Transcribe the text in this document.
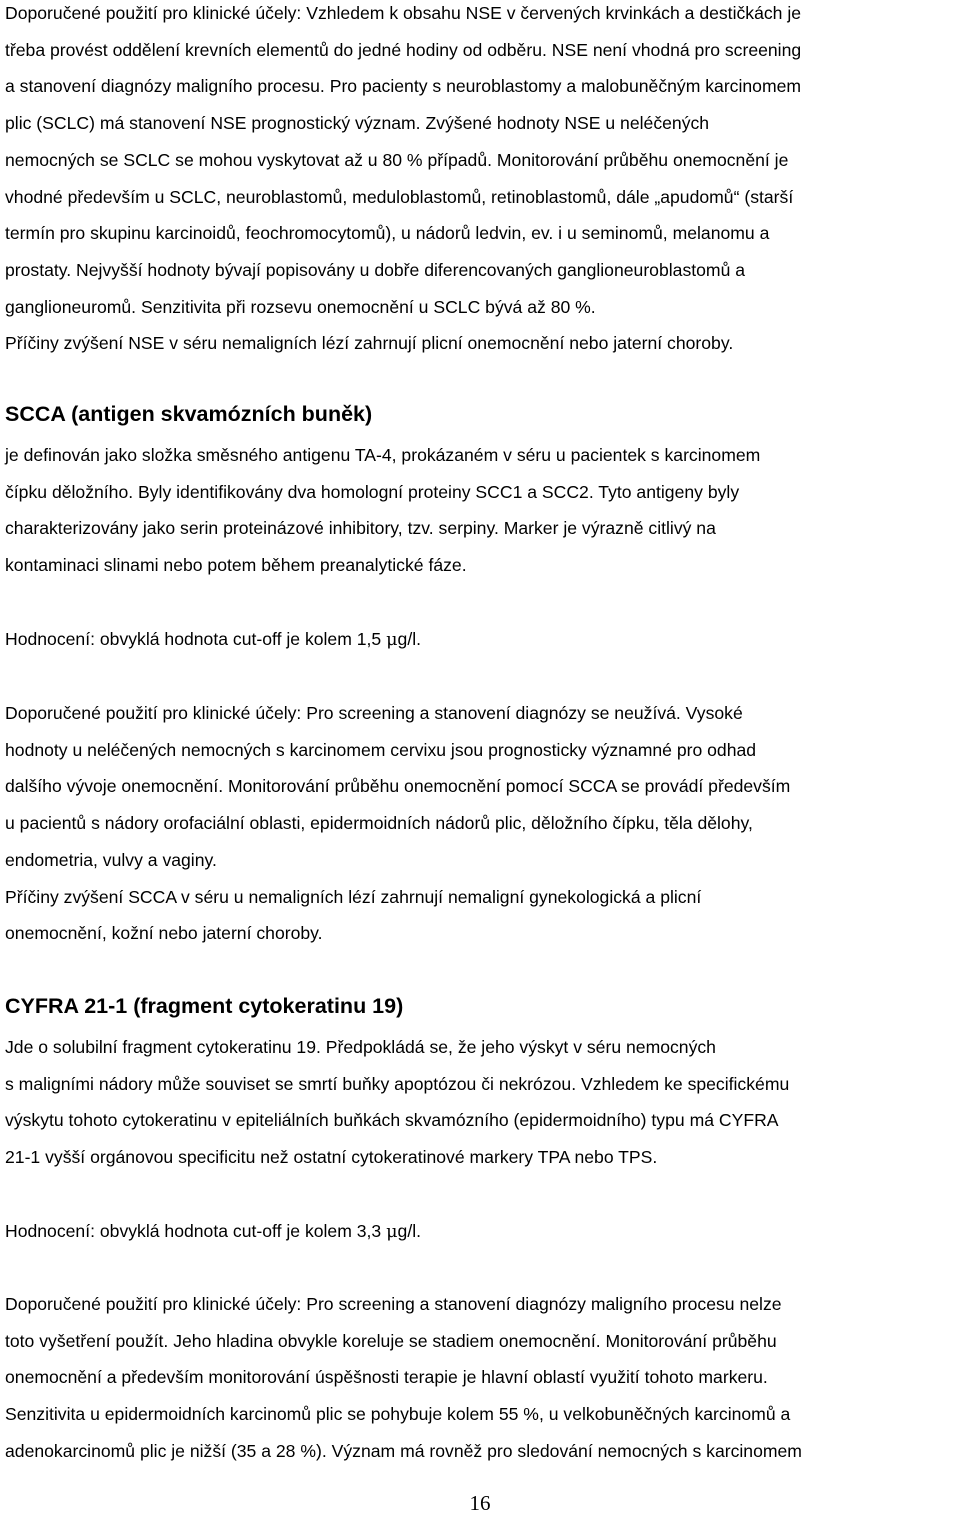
Doporučené použití pro klinické účely: Vzhledem k obsahu NSE v červených krvinkách a destičkách je
třeba provést oddělení krevních elementů do jedné hodiny od odběru. NSE není vhodná pro screening
a stanovení diagnózy maligního procesu. Pro pacienty s neuroblastomy a malobuněčným karcinomem
plic (SCLC) má stanovení NSE prognostický význam. Zvýšené hodnoty NSE u neléčených
nemocných se SCLC se mohou vyskytovat až u 80 % případů. Monitorování průběhu onemocnění je
vhodné především u SCLC, neuroblastomů, meduloblastomů, retinoblastomů, dále „apudomů“ (starší
termín pro skupinu karcinoidů, feochromocytomů), u nádorů ledvin, ev. i u seminomů, melanomu a
prostaty. Nejvyšší hodnoty bývají popisovány u dobře diferencovaných ganglioneuroblastomů a
ganglioneuromů. Senzitivita při rozsevu onemocnění u SCLC bývá až 80 %.
Příčiny zvýšení NSE v séru nemaligních lézí zahrnují plicní onemocnění nebo jaterní choroby.

SCCA (antigen skvamózních buněk)

je definován jako složka směsného antigenu TA-4, prokázaném v séru u pacientek s karcinomem
čípku děložního. Byly identifikovány dva homologní proteiny SCC1 a SCC2. Tyto antigeny byly
charakterizovány jako serin proteinázové inhibitory, tzv. serpiny. Marker je výrazně citlivý na
kontaminaci slinami nebo potem během preanalytické fáze.

Hodnocení: obvyklá hodnota cut-off je kolem 1,5 μg/l.

Doporučené použití pro klinické účely: Pro screening a stanovení diagnózy se neužívá. Vysoké
hodnoty u neléčených nemocných s karcinomem cervixu jsou prognosticky významné pro odhad
dalšího vývoje onemocnění. Monitorování průběhu onemocnění pomocí SCCA se provádí především
u pacientů s nádory orofaciální oblasti, epidermoidních nádorů plic, děložního čípku, těla dělohy,
endometria, vulvy a vaginy.
Příčiny zvýšení SCCA v séru u nemaligních lézí zahrnují nemaligní gynekologická a plicní
onemocnění, kožní nebo jaterní choroby.

CYFRA 21-1 (fragment cytokeratinu 19)

Jde o solubilní fragment cytokeratinu 19. Předpokládá se, že jeho výskyt v séru nemocných
s maligními nádory může souviset se smrtí buňky apoptózou či nekrózou. Vzhledem ke specifickému
výskytu tohoto cytokeratinu v epiteliálních buňkách skvamózního (epidermoidního) typu má CYFRA
21-1 vyšší orgánovou specificitu než ostatní cytokeratinové markery TPA nebo TPS.

Hodnocení: obvyklá hodnota cut-off je kolem 3,3 μg/l.

Doporučené použití pro klinické účely: Pro screening a stanovení diagnózy maligního procesu nelze
toto vyšetření použít. Jeho hladina obvykle koreluje se stadiem onemocnění. Monitorování průběhu
onemocnění a především monitorování úspěšnosti terapie je hlavní oblastí využití tohoto markeru.
Senzitivita u epidermoidních karcinomů plic se pohybuje kolem 55 %, u velkobuněčných karcinomů a
adenokarcinomů plic je nižší (35 a 28 %). Význam má rovněž pro sledování nemocných s karcinomem

16
